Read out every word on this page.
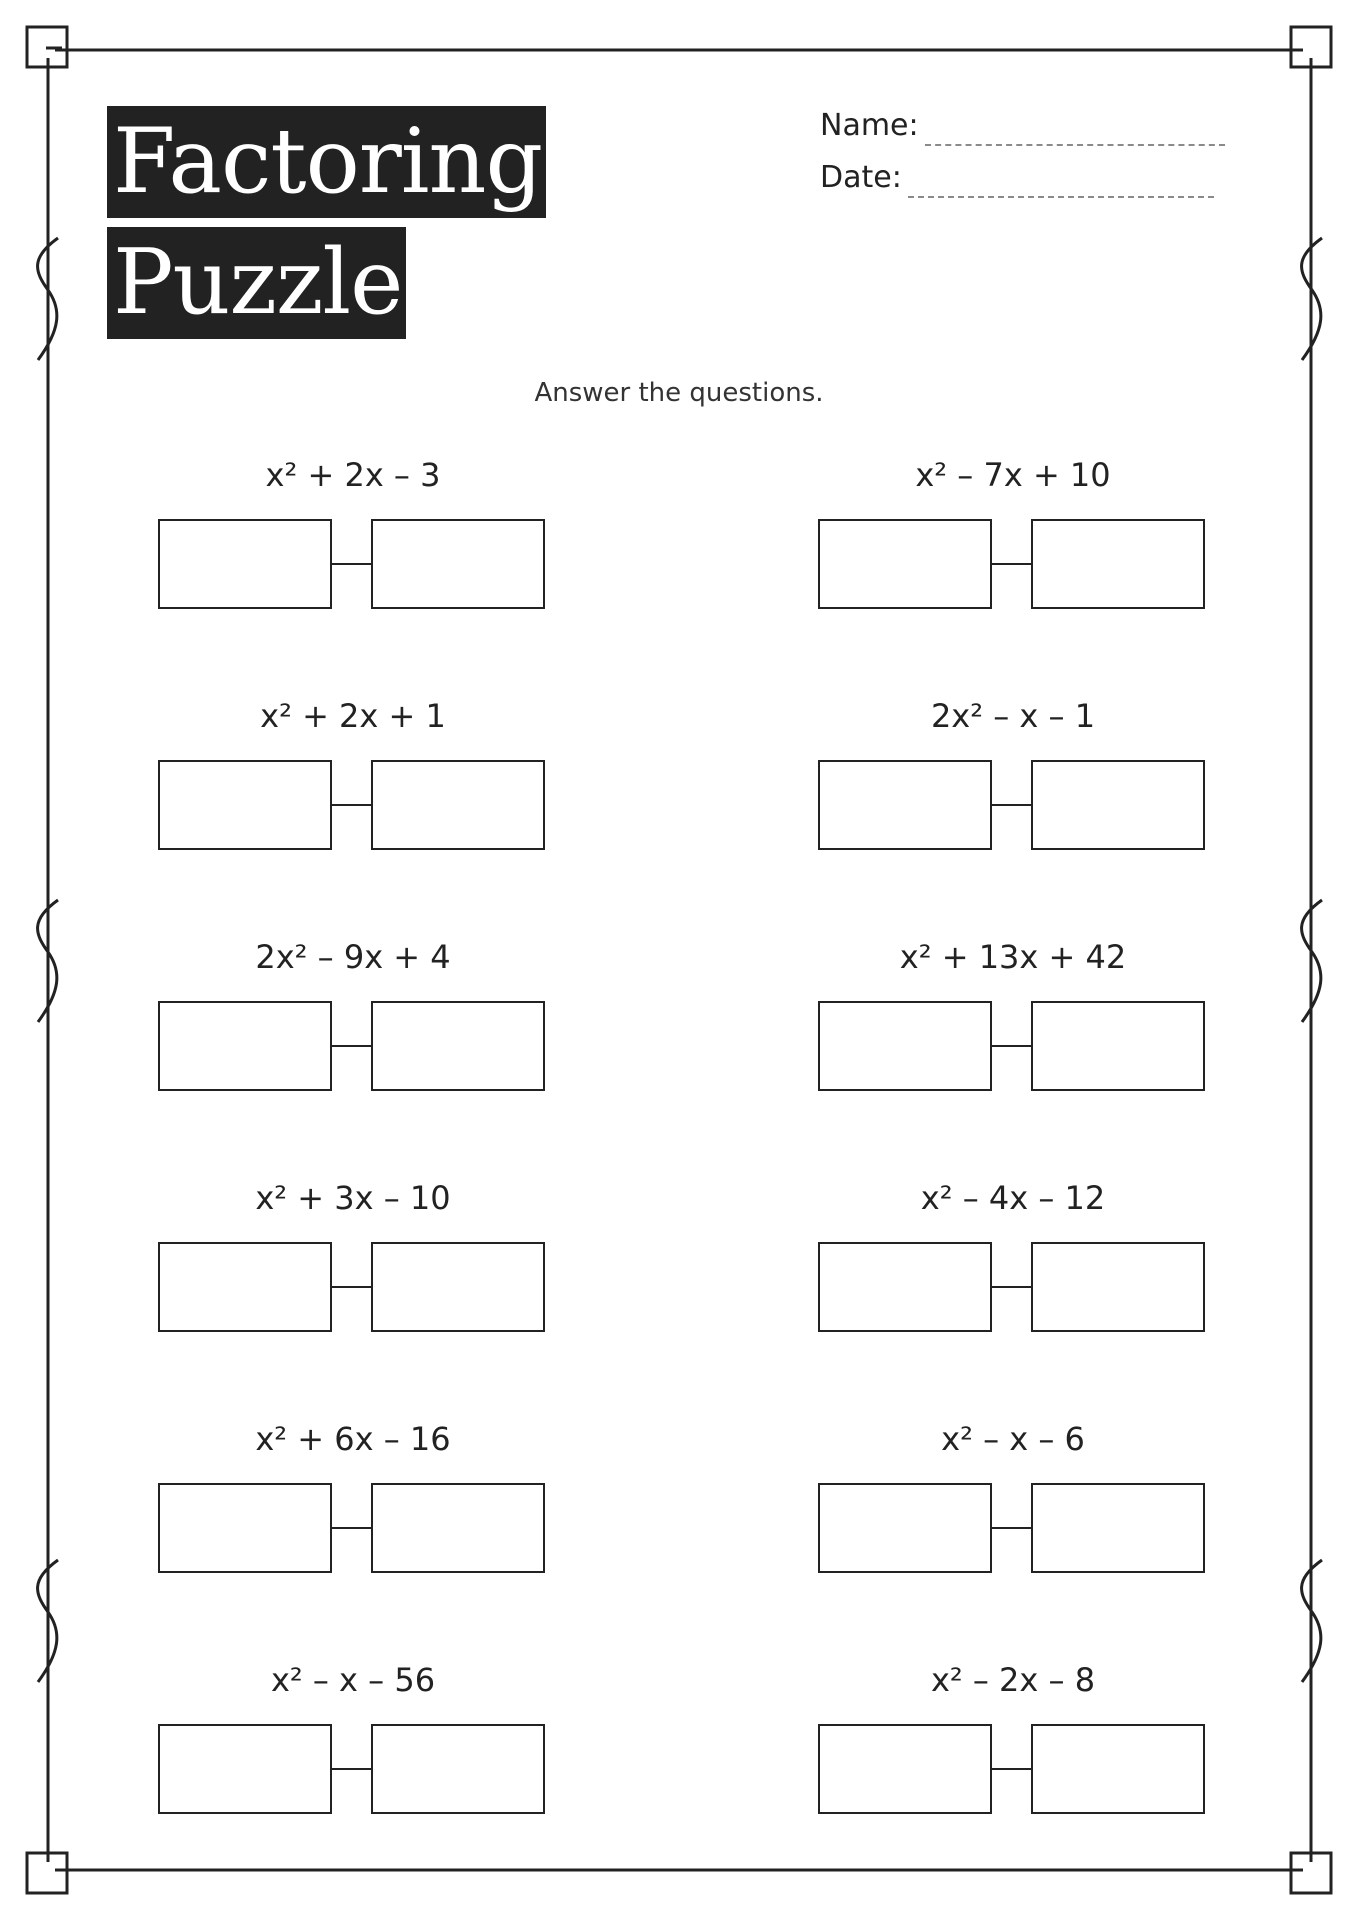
Factoring
Puzzle
Name:
Date:
Answer the questions.
x² + 2x – 3	x² – 7x + 10
x² + 2x + 1	2x² – x – 1
2x² – 9x + 4	x² + 13x + 42
x² + 3x – 10	x² – 4x – 12
x² + 6x – 16	x² – x – 6
x² – x – 56	x² – 2x – 8
